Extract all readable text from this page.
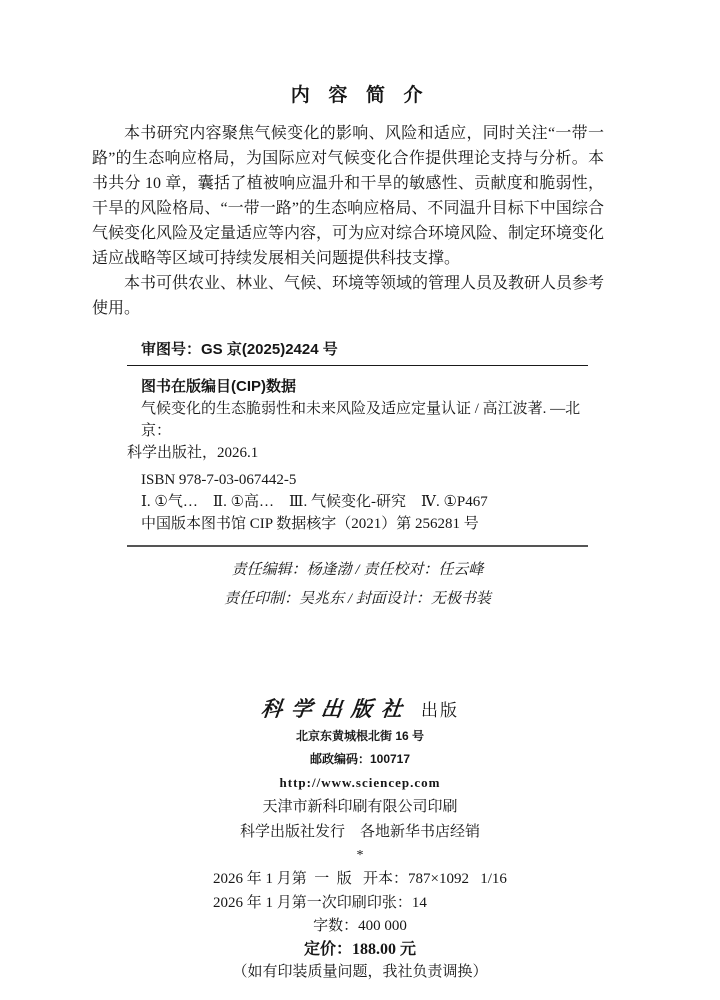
内 容 简 介

本书研究内容聚焦气候变化的影响、风险和适应，同时关注“一带一路”的生态响应格局，为国际应对气候变化合作提供理论支持与分析。本书共分 10 章，囊括了植被响应温升和干旱的敏感性、贡献度和脆弱性，干旱的风险格局、“一带一路”的生态响应格局、不同温升目标下中国综合气候变化风险及定量适应等内容，可为应对综合环境风险、制定环境变化适应战略等区域可持续发展相关问题提供科技支撑。

本书可供农业、林业、气候、环境等领域的管理人员及教研人员参考使用。

审图号：GS 京(2025)2424 号
图书在版编目(CIP)数据
气候变化的生态脆弱性和未来风险及适应定量认证 / 高江波著. —北京：
科学出版社，2026.1
ISBN 978-7-03-067442-5
Ⅰ. ①气…    Ⅱ. ①高…    Ⅲ. 气候变化-研究    Ⅳ. ①P467
中国版本图书馆 CIP 数据核字（2021）第 256281 号
责任编辑：杨逢渤 / 责任校对：任云峰
责任印制：吴兆东 / 封面设计：无极书装
科学出版社 出版
北京东黄城根北街 16 号
邮政编码：100717
http://www.sciencep.com
天津市新科印刷有限公司印刷
科学出版社发行    各地新华书店经销
*
2026 年 1 月第  一  版 开本：787×1092   1/16
2026 年 1 月第一次印刷印张：14
字数：400 000
定价：188.00 元
（如有印装质量问题，我社负责调换）
